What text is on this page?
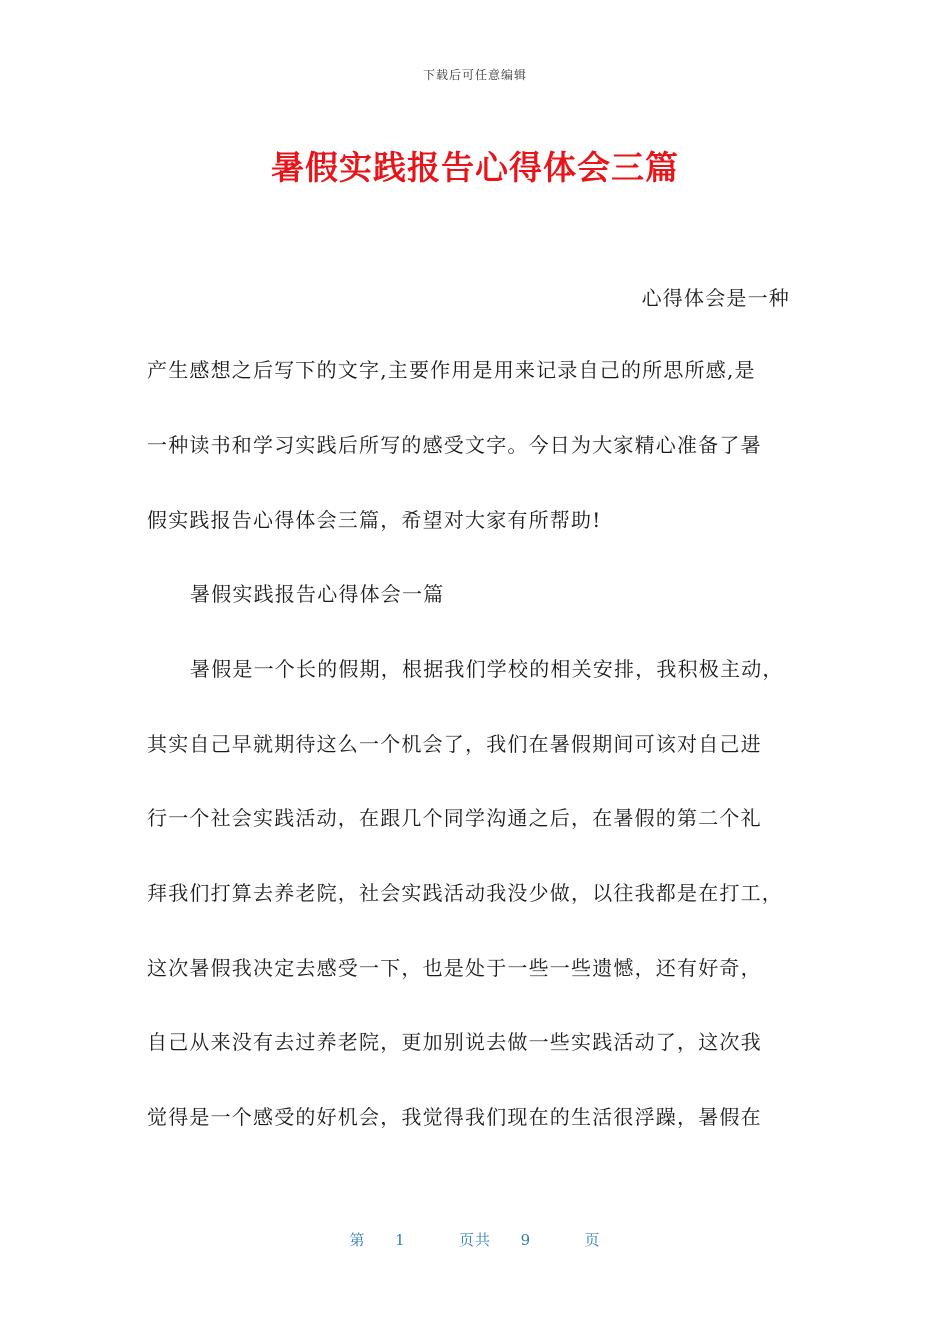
下载后可任意编辑
暑假实践报告心得体会三篇
心得体会是一种
产生感想之后写下的文字,主要作用是用来记录自己的所思所感,是
一种读书和学习实践后所写的感受文字。今日为大家精心准备了暑
假实践报告心得体会三篇，希望对大家有所帮助!
暑假实践报告心得体会一篇
暑假是一个长的假期，根据我们学校的相关安排，我积极主动，
其实自己早就期待这么一个机会了，我们在暑假期间可该对自己进
行一个社会实践活动，在跟几个同学沟通之后，在暑假的第二个礼
拜我们打算去养老院，社会实践活动我没少做，以往我都是在打工，
这次暑假我决定去感受一下，也是处于一些一些遗憾，还有好奇，
自己从来没有去过养老院，更加别说去做一些实践活动了，这次我
觉得是一个感受的好机会，我觉得我们现在的生活很浮躁，暑假在
第 1	页共 9	页
